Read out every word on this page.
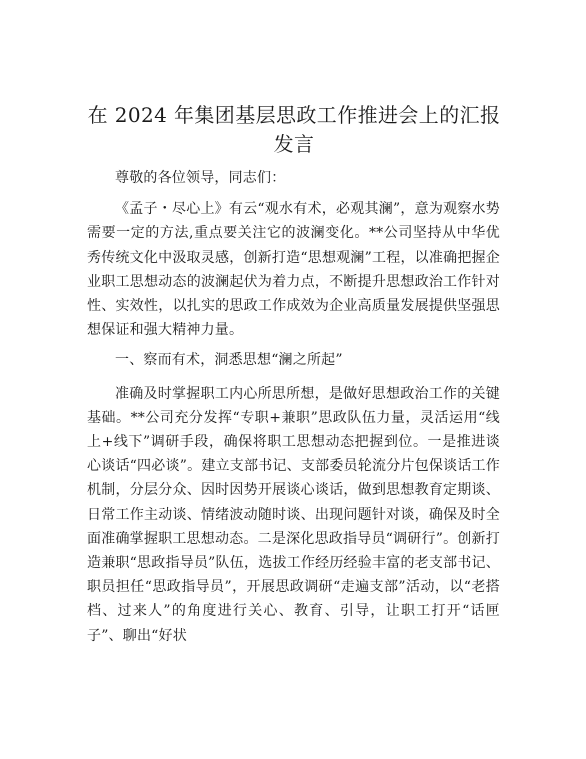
在 2024 年集团基层思政工作推进会上的汇报发言

尊敬的各位领导，同志们：

《孟子・尽心上》有云“观水有术，必观其澜”，意为观察水势需要一定的方法,重点要关注它的波澜变化。**公司坚持从中华优秀传统文化中汲取灵感，创新打造“思想观澜”工程，以准确把握企业职工思想动态的波澜起伏为着力点，不断提升思想政治工作针对性、实效性，以扎实的思政工作成效为企业高质量发展提供坚强思想保证和强大精神力量。

一、察而有术，洞悉思想“澜之所起”

准确及时掌握职工内心所思所想，是做好思想政治工作的关键基础。**公司充分发挥“专职+兼职”思政队伍力量，灵活运用“线上+线下”调研手段，确保将职工思想动态把握到位。一是推进谈心谈话“四必谈”。建立支部书记、支部委员轮流分片包保谈话工作机制，分层分众、因时因势开展谈心谈话，做到思想教育定期谈、日常工作主动谈、情绪波动随时谈、出现问题针对谈，确保及时全面准确掌握职工思想动态。二是深化思政指导员“调研行”。创新打造兼职“思政指导员”队伍，选拔工作经历经验丰富的老支部书记、职员担任“思政指导员”，开展思政调研“走遍支部”活动，以“老搭档、过来人”的角度进行关心、教育、引导，让职工打开“话匣子”、聊出“好状
